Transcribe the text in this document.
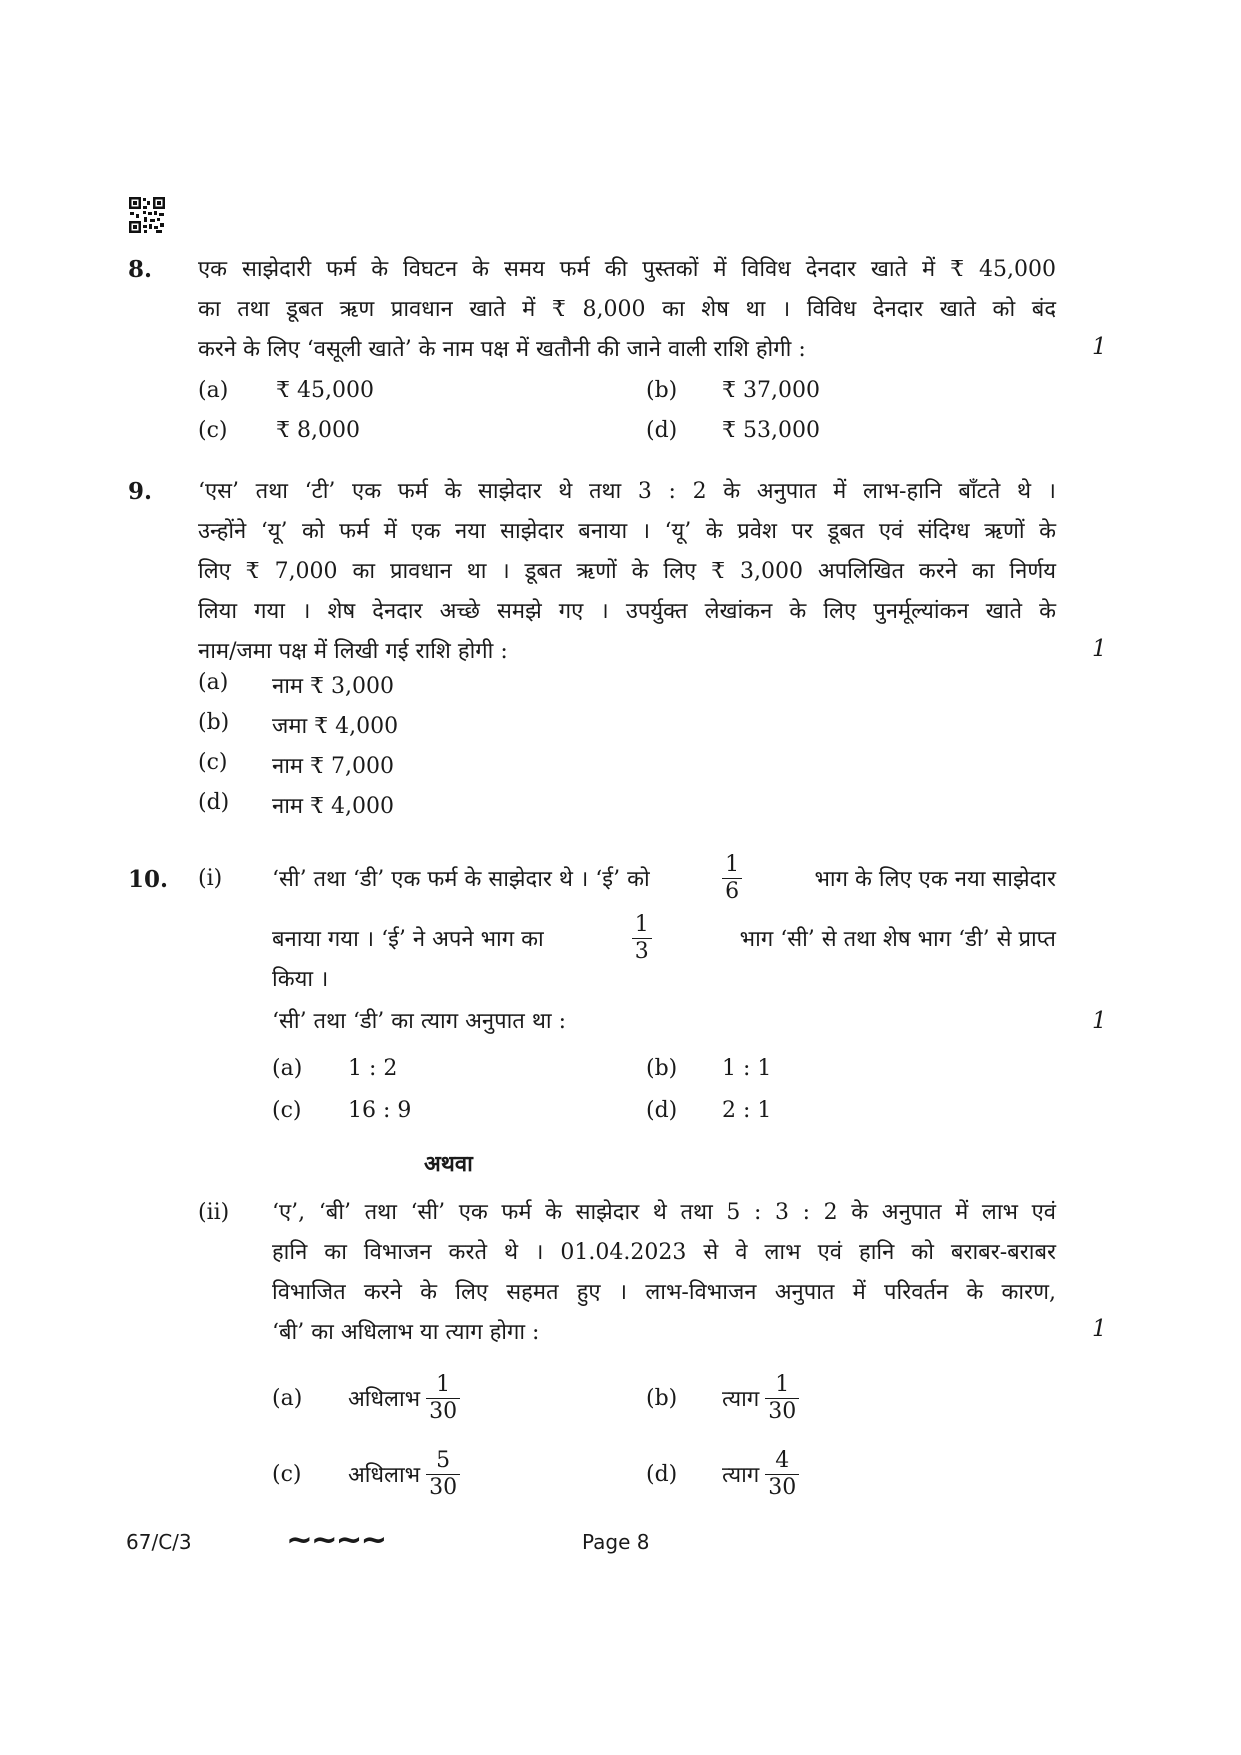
8. एक साझेदारी फर्म के विघटन के समय फर्म की पुस्तकों में विविध देनदार खाते में ₹ 45,000
का तथा डूबत ऋण प्रावधान खाते में ₹ 8,000 का शेष था । विविध देनदार खाते को बंद
करने के लिए ‘वसूली खाते’ के नाम पक्ष में खतौनी की जाने वाली राशि होगी :	1
(a) ₹ 45,000	(b) ₹ 37,000
(c) ₹ 8,000	(d) ₹ 53,000
9. ‘एस’ तथा ‘टी’ एक फर्म के साझेदार थे तथा 3 : 2 के अनुपात में लाभ-हानि बाँटते थे ।
उन्होंने ‘यू’ को फर्म में एक नया साझेदार बनाया । ‘यू’ के प्रवेश पर डूबत एवं संदिग्ध ऋणों के
लिए ₹ 7,000 का प्रावधान था । डूबत ऋणों के लिए ₹ 3,000 अपलिखित करने का निर्णय
लिया गया । शेष देनदार अच्छे समझे गए । उपर्युक्त लेखांकन के लिए पुनर्मूल्यांकन खाते के
नाम/जमा पक्ष में लिखी गई राशि होगी :	1
(a) नाम ₹ 3,000
(b) जमा ₹ 4,000
(c) नाम ₹ 7,000
(d) नाम ₹ 4,000
10. (i) ‘सी’ तथा ‘डी’ एक फर्म के साझेदार थे । ‘ई’ को	$\frac{1}{6}$	भाग के लिए एक नया साझेदार
बनाया गया । ‘ई’ ने अपने भाग का	$\frac{1}{3}$	भाग ‘सी’ से तथा शेष भाग ‘डी’ से प्राप्त
किया ।
‘सी’ तथा ‘डी’ का त्याग अनुपात था :	1
(a) 1 : 2	(b) 1 : 1
(c) 16 : 9	(d) 2 : 1
अथवा
(ii) ‘ए’, ‘बी’ तथा ‘सी’ एक फर्म के साझेदार थे तथा 5 : 3 : 2 के अनुपात में लाभ एवं
हानि का विभाजन करते थे । 01.04.2023 से वे लाभ एवं हानि को बराबर-बराबर
विभाजित करने के लिए सहमत हुए । लाभ-विभाजन अनुपात में परिवर्तन के कारण,
‘बी’ का अधिलाभ या त्याग होगा :	1
(a)	अधिलाभ $\frac{1}{30}$	(b)	त्याग $\frac{1}{30}$
(c)	अधिलाभ $\frac{5}{30}$	(d)	त्याग $\frac{4}{30}$
67/C/3	~~~~	Page 8
